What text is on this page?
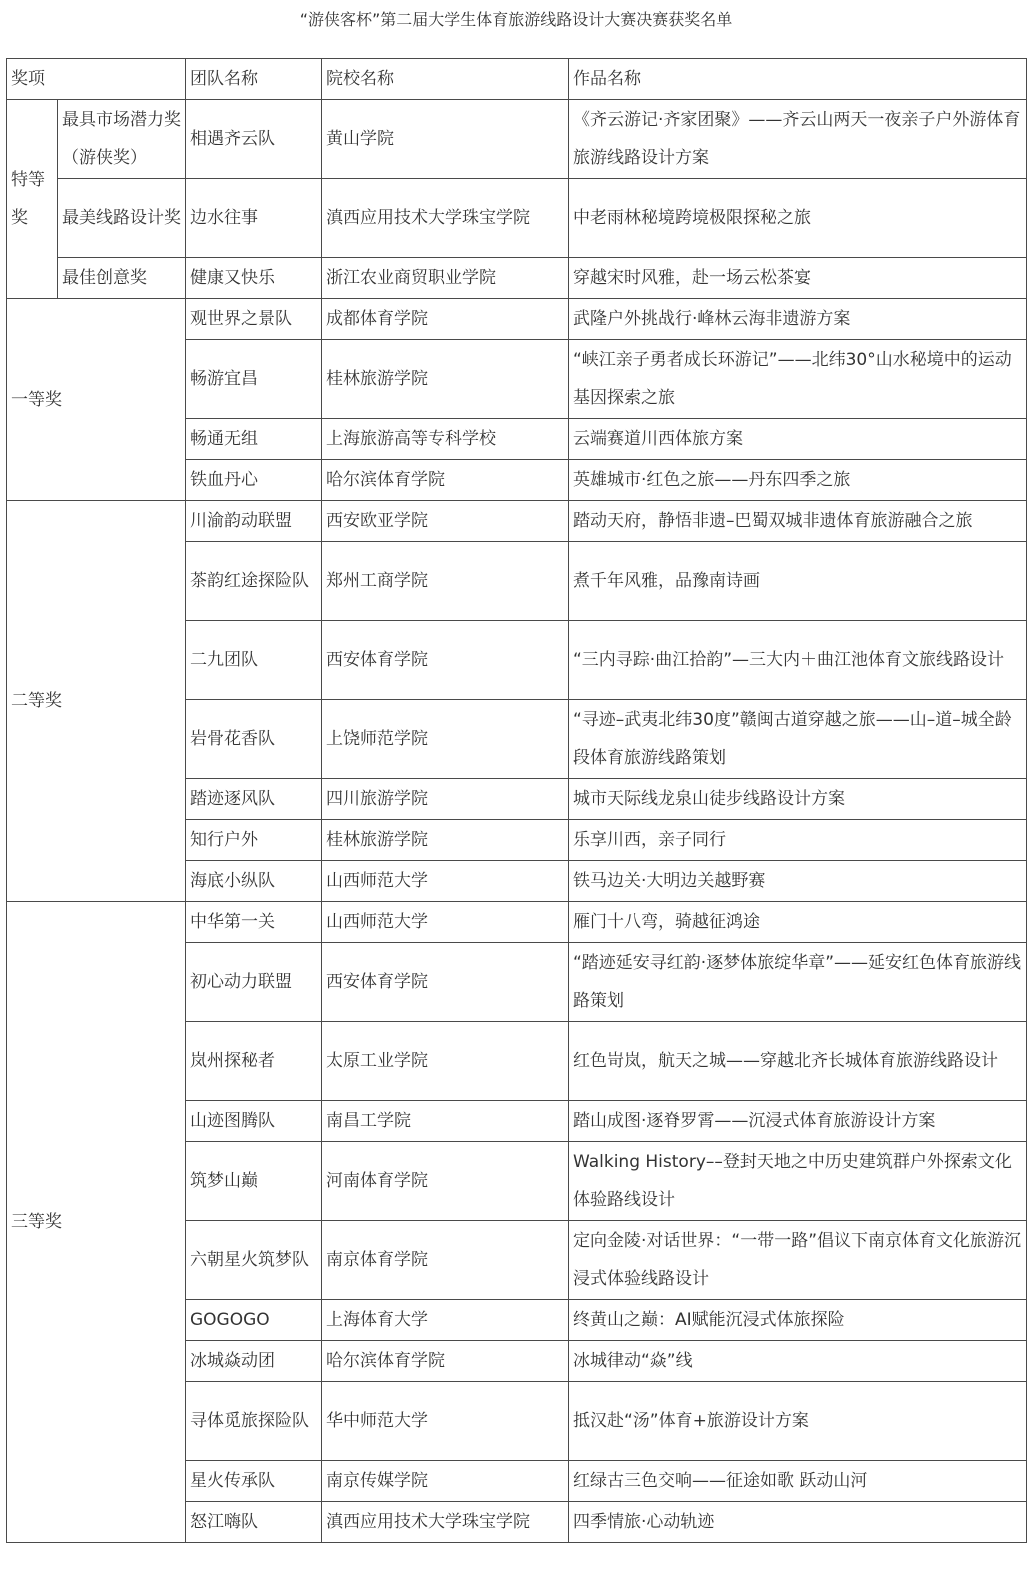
“游侠客杯”第二届大学生体育旅游线路设计大赛决赛获奖名单
奖项		团队名称	院校名称	作品名称
特等奖	最具市场潜力奖（游侠奖）	相遇齐云队	黄山学院	《齐云游记·齐家团聚》——齐云山两天一夜亲子户外游体育旅游线路设计方案
	最美线路设计奖	边水往事	滇西应用技术大学珠宝学院	中老雨林秘境跨境极限探秘之旅
	最佳创意奖	健康又快乐	浙江农业商贸职业学院	穿越宋时风雅，赴一场云松茶宴
一等奖		观世界之景队	成都体育学院	武隆户外挑战行·峰林云海非遗游方案
		畅游宜昌	桂林旅游学院	“峡江亲子勇者成长环游记”——北纬30°山水秘境中的运动基因探索之旅
		畅通无组	上海旅游高等专科学校	云端赛道川西体旅方案
		铁血丹心	哈尔滨体育学院	英雄城市·红色之旅——丹东四季之旅
二等奖		川渝韵动联盟	西安欧亚学院	踏动天府，静悟非遗–巴蜀双城非遗体育旅游融合之旅
		茶韵红途探险队	郑州工商学院	煮千年风雅，品豫南诗画
		二九团队	西安体育学院	“三内寻踪·曲江拾韵”—三大内＋曲江池体育文旅线路设计
		岩骨花香队	上饶师范学院	“寻迹–武夷北纬30度”赣闽古道穿越之旅——山–道–城全龄段体育旅游线路策划
		踏迹逐风队	四川旅游学院	城市天际线龙泉山徒步线路设计方案
		知行户外	桂林旅游学院	乐享川西，亲子同行
		海底小纵队	山西师范大学	铁马边关·大明边关越野赛
三等奖		中华第一关	山西师范大学	雁门十八弯，骑越征鸿途
		初心动力联盟	西安体育学院	“踏迹延安寻红韵·逐梦体旅绽华章”——延安红色体育旅游线路策划
		岚州探秘者	太原工业学院	红色岢岚，航天之城——穿越北齐长城体育旅游线路设计
		山迹图腾队	南昌工学院	踏山成图·逐脊罗霄——沉浸式体育旅游设计方案
		筑梦山巅	河南体育学院	Walking History––登封天地之中历史建筑群户外探索文化体验路线设计
		六朝星火筑梦队	南京体育学院	定向金陵·对话世界：“一带一路”倡议下南京体育文化旅游沉浸式体验线路设计
		GOGOGO	上海体育大学	终黄山之巅：AI赋能沉浸式体旅探险
		冰城焱动团	哈尔滨体育学院	冰城律动“焱”线
		寻体觅旅探险队	华中师范大学	抵汉赴“汤”体育+旅游设计方案
		星火传承队	南京传媒学院	红绿古三色交响——征途如歌 跃动山河
		怒江嗨队	滇西应用技术大学珠宝学院	四季情旅·心动轨迹
